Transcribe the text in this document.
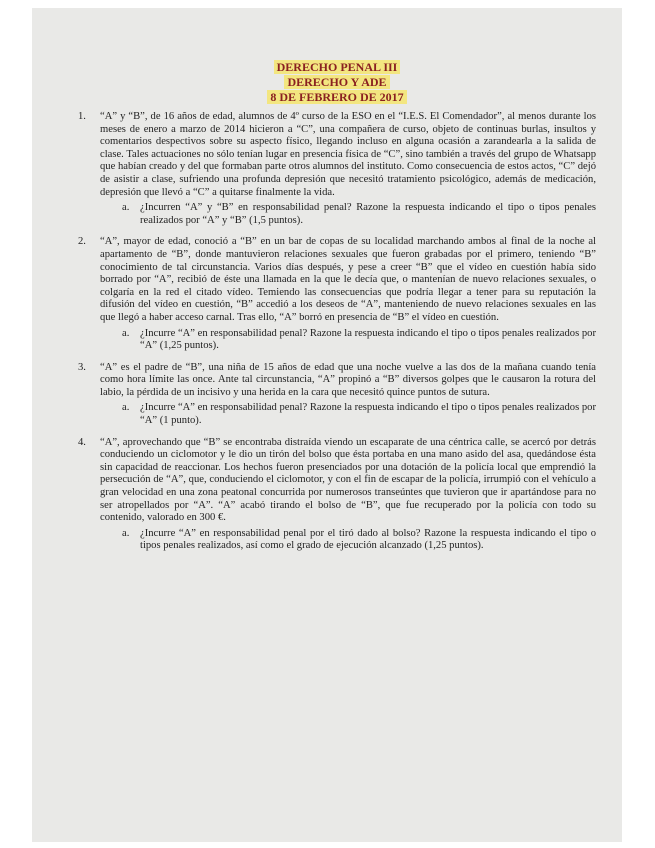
DERECHO PENAL III
DERECHO Y ADE
8 DE FEBRERO DE 2017
1.	“A” y “B”, de 16 años de edad, alumnos de 4º curso de la ESO en el “I.E.S. El Comendador”, al menos durante los meses de enero a marzo de 2014 hicieron a “C”, una compañera de curso, objeto de continuas burlas, insultos y comentarios despectivos sobre su aspecto físico, llegando incluso en alguna ocasión a zarandearla a la salida de clase. Tales actuaciones no sólo tenían lugar en presencia física de “C”, sino también a través del grupo de Whatsapp que habían creado y del que formaban parte otros alumnos del instituto. Como consecuencia de estos actos, “C” dejó de asistir a clase, sufriendo una profunda depresión que necesitó tratamiento psicológico, además de medicación, depresión que llevó a “C” a quitarse finalmente la vida.
a.	¿Incurren “A” y “B” en responsabilidad penal? Razone la respuesta indicando el tipo o tipos penales realizados por “A” y “B” (1,5 puntos).
2.	“A”, mayor de edad, conoció a “B” en un bar de copas de su localidad marchando ambos al final de la noche al apartamento de “B”, donde mantuvieron relaciones sexuales que fueron grabadas por el primero, teniendo “B” conocimiento de tal circunstancia. Varios días después, y pese a creer “B” que el vídeo en cuestión había sido borrado por “A”, recibió de éste una llamada en la que le decía que, o mantenían de nuevo relaciones sexuales, o colgaría en la red el citado vídeo. Temiendo las consecuencias que podría llegar a tener para su reputación la difusión del vídeo en cuestión, “B” accedió a los deseos de “A”, manteniendo de nuevo relaciones sexuales en las que llegó a haber acceso carnal. Tras ello, “A” borró en presencia de “B” el vídeo en cuestión.
a.	¿Incurre “A” en responsabilidad penal? Razone la respuesta indicando el tipo o tipos penales realizados por “A” (1,25 puntos).
3.	“A” es el padre de “B”, una niña de 15 años de edad que una noche vuelve a las dos de la mañana cuando tenía como hora límite las once. Ante tal circunstancia, “A” propinó a “B” diversos golpes que le causaron la rotura del labio, la pérdida de un incisivo y una herida en la cara que necesitó quince puntos de sutura.
a.	¿Incurre “A” en responsabilidad penal? Razone la respuesta indicando el tipo o tipos penales realizados por “A” (1 punto).
4.	“A”, aprovechando que “B” se encontraba distraída viendo un escaparate de una céntrica calle, se acercó por detrás conduciendo un ciclomotor y le dio un tirón del bolso que ésta portaba en una mano asido del asa, quedándose ésta sin capacidad de reaccionar. Los hechos fueron presenciados por una dotación de la policía local que emprendió la persecución de “A”, que, conduciendo el ciclomotor, y con el fin de escapar de la policía, irrumpió con el vehículo a gran velocidad en una zona peatonal concurrida por numerosos transeúntes que tuvieron que ir apartándose para no ser atropellados por “A”. “A” acabó tirando el bolso de “B”, que fue recuperado por la policía con todo su contenido, valorado en 300 €.
a.	¿Incurre “A” en responsabilidad penal por el tiró dado al bolso? Razone la respuesta indicando el tipo o tipos penales realizados, así como el grado de ejecución alcanzado (1,25 puntos).
